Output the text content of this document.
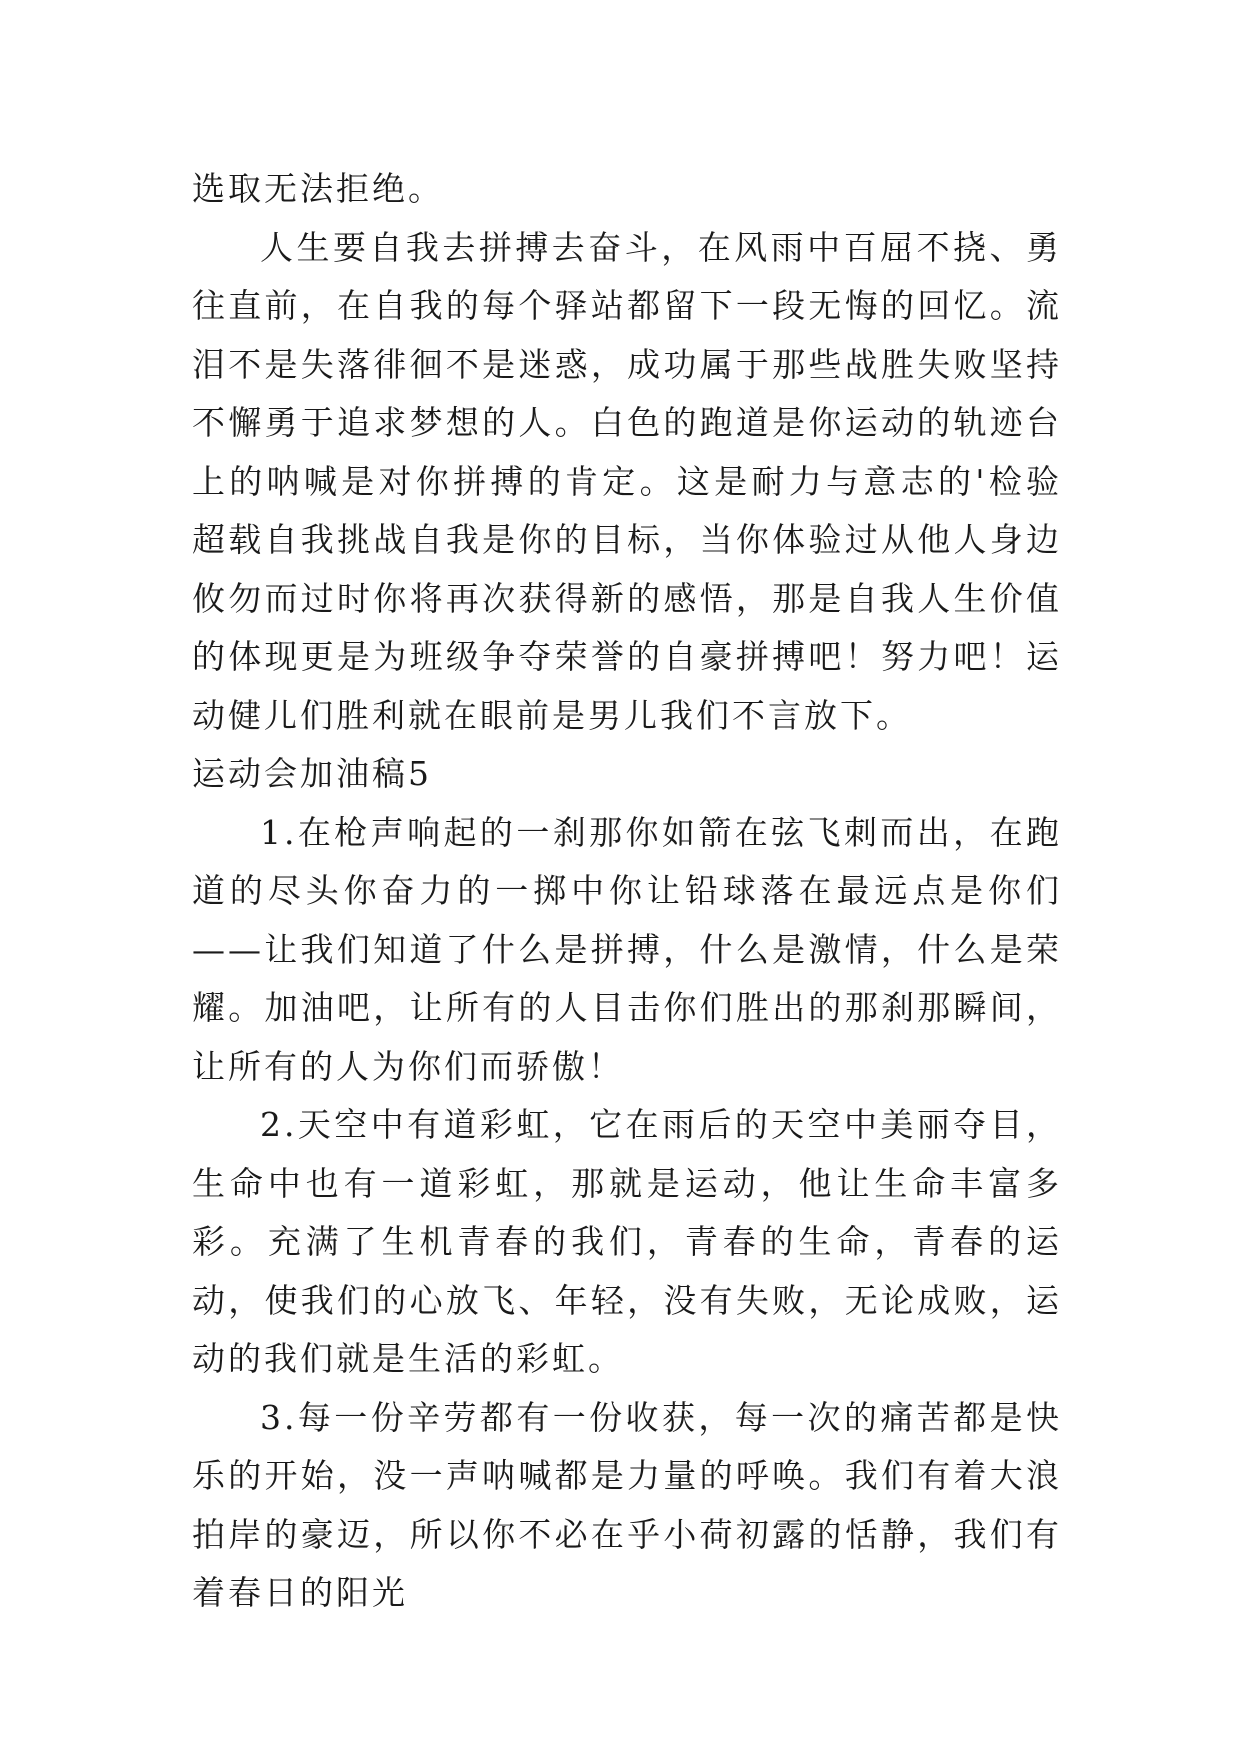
选取无法拒绝。

人生要自我去拼搏去奋斗，在风雨中百屈不挠、勇往直前，在自我的每个驿站都留下一段无悔的回忆。流泪不是失落徘徊不是迷惑，成功属于那些战胜失败坚持不懈勇于追求梦想的人。白色的跑道是你运动的轨迹台上的呐喊是对你拼搏的肯定。这是耐力与意志的'检验超载自我挑战自我是你的目标，当你体验过从他人身边攸勿而过时你将再次获得新的感悟，那是自我人生价值的体现更是为班级争夺荣誉的自豪拼搏吧！努力吧！运动健儿们胜利就在眼前是男儿我们不言放下。

运动会加油稿5

1.在枪声响起的一刹那你如箭在弦飞刺而出，在跑道的尽头你奋力的一掷中你让铅球落在最远点是你们——让我们知道了什么是拼搏，什么是激情，什么是荣耀。加油吧，让所有的人目击你们胜出的那刹那瞬间，让所有的人为你们而骄傲！

2.天空中有道彩虹，它在雨后的天空中美丽夺目，生命中也有一道彩虹，那就是运动，他让生命丰富多彩。充满了生机青春的我们，青春的生命，青春的运动，使我们的心放飞、年轻，没有失败，无论成败，运动的我们就是生活的彩虹。

3.每一份辛劳都有一份收获，每一次的痛苦都是快乐的开始，没一声呐喊都是力量的呼唤。我们有着大浪拍岸的豪迈，所以你不必在乎小荷初露的恬静，我们有着春日的阳光
